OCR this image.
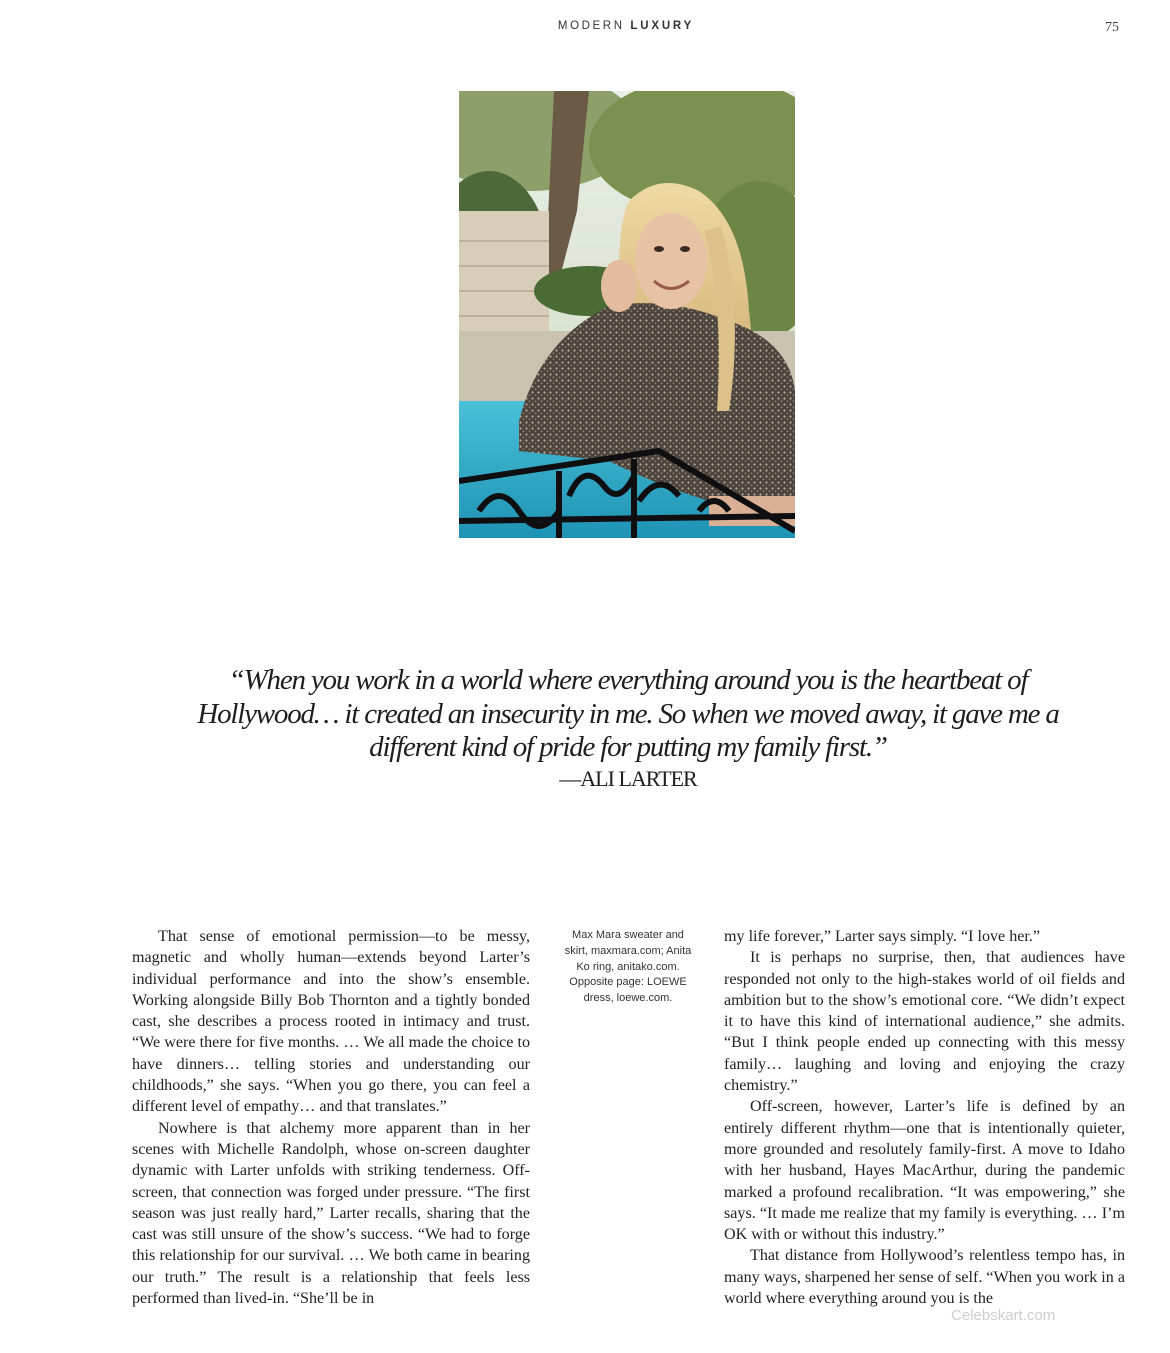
MODERN LUXURY	75
“When you work in a world where everything around you is the heartbeat of
Hollywood… it created an insecurity in me. So when we moved away, it gave me a
different kind of pride for putting my family first.”
—ALI LARTER

That sense of emotional permission—to be messy, magnetic and wholly human—extends beyond Larter’s individual performance and into the show’s ensemble. Working alongside Billy Bob Thornton and a tightly bonded cast, she describes a process rooted in intimacy and trust. “We were there for five months. … We all made the choice to have dinners… telling stories and understanding our childhoods,” she says. “When you go there, you can feel a different level of empathy… and that translates.”

Nowhere is that alchemy more apparent than in her scenes with Michelle Randolph, whose on-screen daughter dynamic with Larter unfolds with striking tenderness. Off-screen, that connection was forged under pressure. “The first season was just really hard,” Larter recalls, sharing that the cast was still unsure of the show’s success. “We had to forge this relationship for our survival. … We both came in bearing our truth.” The result is a relationship that feels less performed than lived-in. “She’ll be in

Max Mara sweater and
skirt, maxmara.com; Anita
Ko ring, anitako.com.
Opposite page: LOEWE
dress, loewe.com.

my life forever,” Larter says simply. “I love her.”

It is perhaps no surprise, then, that audiences have responded not only to the high-stakes world of oil fields and ambition but to the show’s emotional core. “We didn’t expect it to have this kind of international audience,” she admits. “But I think people ended up connecting with this messy family… laughing and loving and enjoying the crazy chemistry.”

Off-screen, however, Larter’s life is defined by an entirely different rhythm—one that is intentionally quieter, more grounded and resolutely family-first. A move to Idaho with her husband, Hayes MacArthur, during the pandemic marked a profound recalibration. “It was empowering,” she says. “It made me realize that my family is everything. … I’m OK with or without this industry.”

That distance from Hollywood’s relentless tempo has, in many ways, sharpened her sense of self. “When you work in a world where everything around you is the

Celebskart.com
